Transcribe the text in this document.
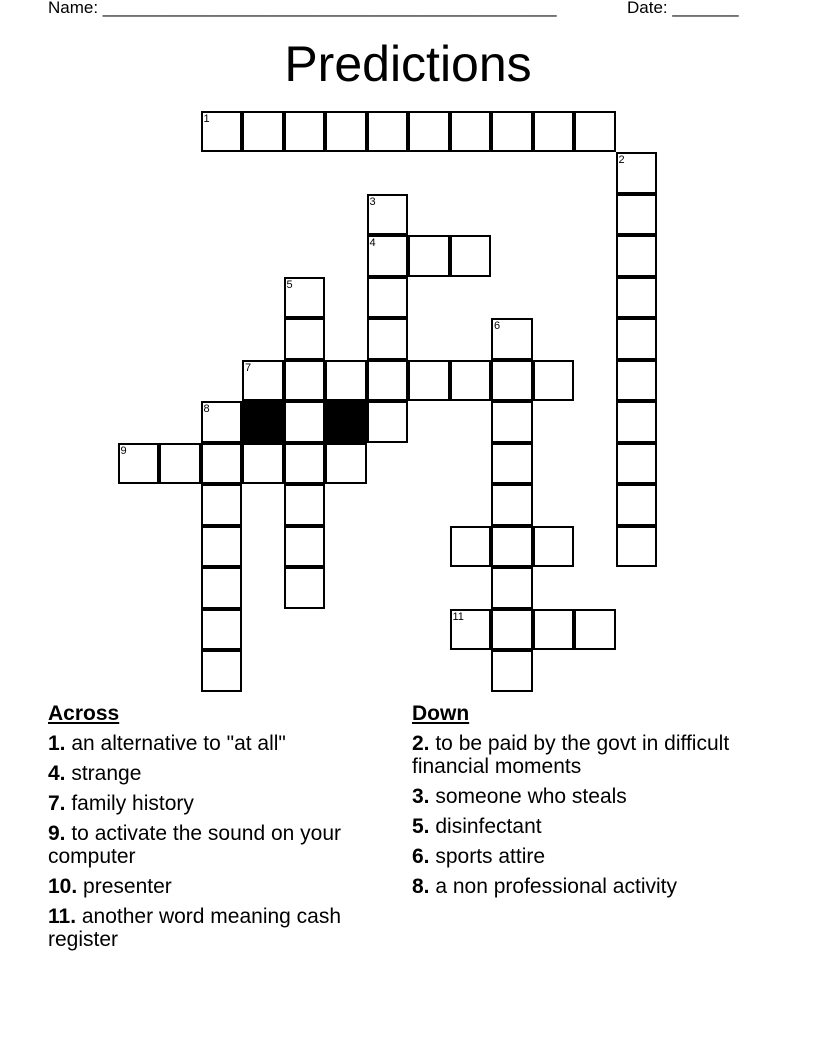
Name: ________________________________________________	Date: _______
Predictions
1
2
3
4
5
7
6
8
9
11
Across
1. an alternative to "at all"
4. strange
7. family history
9. to activate the sound on your computer
10. presenter
11. another word meaning cash register
Down
2. to be paid by the govt in difficult financial moments
3. someone who steals
5. disinfectant
6. sports attire
8. a non professional activity
